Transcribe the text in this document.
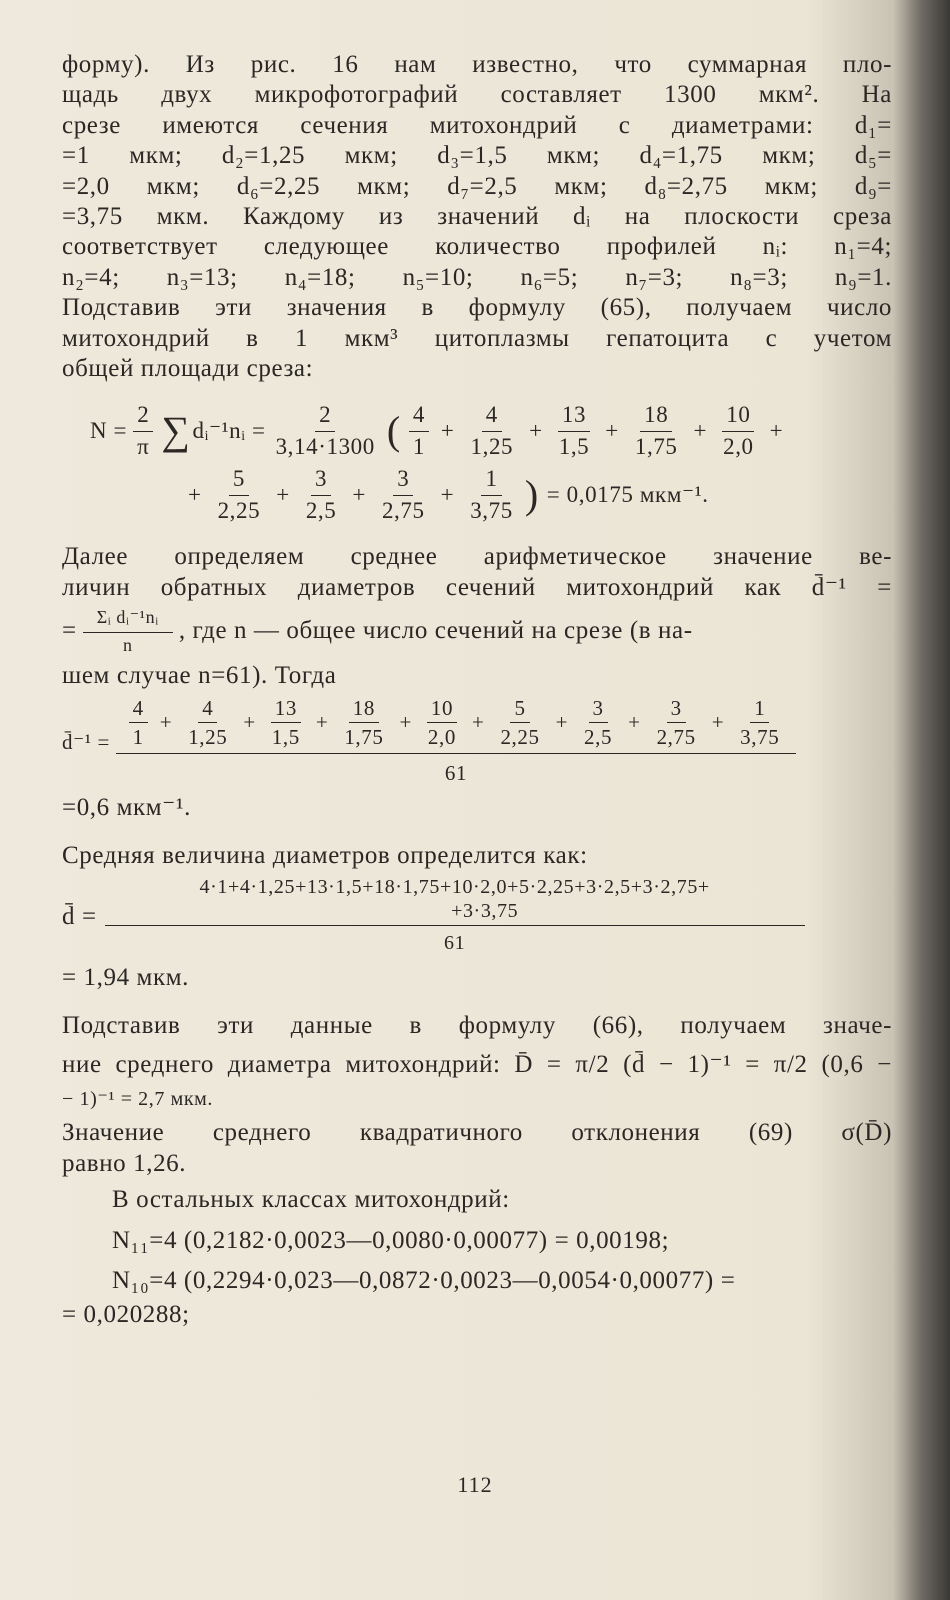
форму). Из рис. 16 нам известно, что суммарная пло-
щадь двух микрофотографий составляет 1300 мкм². На
срезе имеются сечения митохондрий с диаметрами: d₁=
=1 мкм; d₂=1,25 мкм; d₃=1,5 мкм; d₄=1,75 мкм; d₅=
=2,0 мкм; d₆=2,25 мкм; d₇=2,5 мкм; d₈=2,75 мкм; d₉=
=3,75 мкм. Каждому из значений dᵢ на плоскости среза
соответствует следующее количество профилей nᵢ: n₁=4;
n₂=4; n₃=13; n₄=18; n₅=10; n₆=5; n₇=3; n₈=3; n₉=1.
Подставив эти значения в формулу (65), получаем число
митохондрий в 1 мкм³ цитоплазмы гепатоцита с учетом
общей площади среза:
$N = \frac{2}{\pi}$ ∑ dᵢ⁻¹nᵢ = $\frac{2}{3,14\cdot 1300}$ ( $\frac{4}{1} + \frac{4}{1,25} + \frac{13}{1,5} + \frac{18}{1,75} + \frac{10}{2,0}$ +
+ $\frac{5}{2,25} + \frac{3}{2,5} + \frac{3}{2,75} + \frac{1}{3,75}$ ) = 0,0175 мкм⁻¹.
Далее определяем среднее арифметическое значение ве-
личин обратных диаметров сечений митохондрий как d̄⁻¹ =
= $\frac{\text{Σᵢ dᵢ⁻¹nᵢ}}{n}$ , где n — общее число сечений на срезе (в на-
шем случае n=61). Тогда
d̄⁻¹ = $\frac{4}{1} + \frac{4}{1,25} + \frac{13}{1,5} + \frac{18}{1,75} + \frac{10}{2,0} + \frac{5}{2,25} + \frac{3}{2,5} + \frac{3}{2,75} + \frac{1}{3,75}$
61
=0,6 мкм⁻¹.
Средняя величина диаметров определится как:
d̄ =
4·1+4·1,25+13·1,5+18·1,75+10·2,0+5·2,25+3·2,5+3·2,75+
+3·3,75
61
= 1,94 мкм.
Подставив эти данные в формулу (66), получаем значе-
ние среднего диаметра митохондрий: D̄ = π/2 (d̄ − 1)⁻¹ = π/2 (0,6 −
− 1)⁻¹ = 2,7 мкм.
Значение среднего квадратичного отклонения (69) σ(D̄)
равно 1,26.
В остальных классах митохондрий:
N₁₁=4 (0,2182·0,0023—0,0080·0,00077) = 0,00198;
N₁₀=4 (0,2294·0,023—0,0872·0,0023—0,0054·0,00077) =
= 0,020288;
112
